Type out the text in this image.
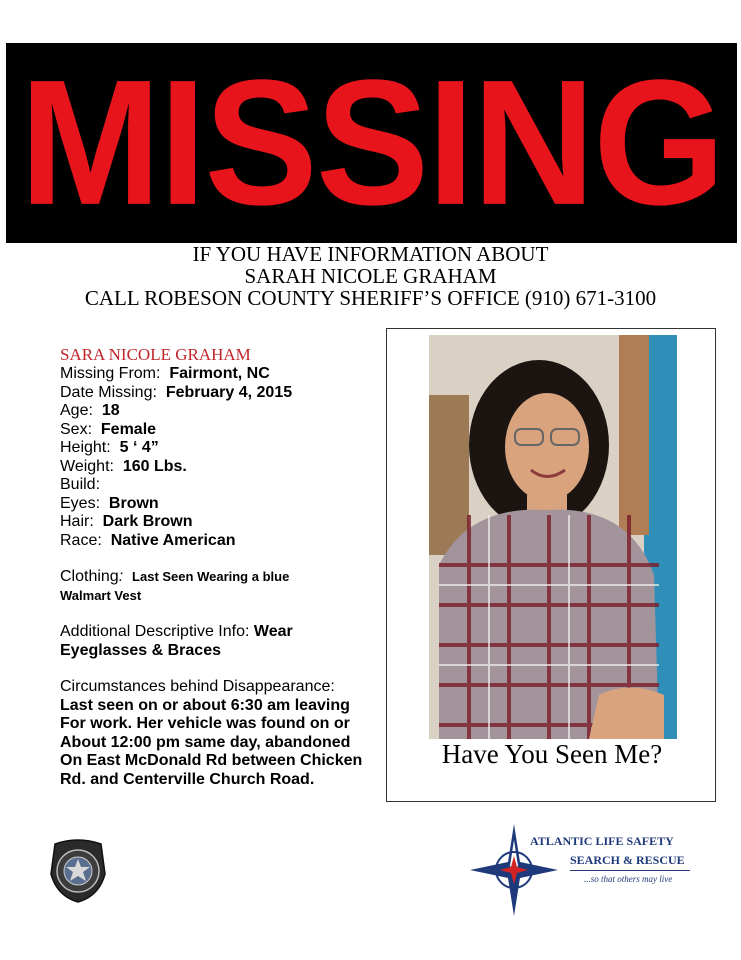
MISSING
IF YOU HAVE INFORMATION ABOUT
SARAH NICOLE GRAHAM
CALL ROBESON COUNTY SHERIFF’S OFFICE (910) 671-3100
SARA NICOLE GRAHAM
Missing From: Fairmont, NC
Date Missing: February 4, 2015
Age: 18
Sex: Female
Height: 5 ‘ 4”
Weight: 160 Lbs.
Build:
Eyes: Brown
Hair: Dark Brown
Race: Native American
Clothing: Last Seen Wearing a blue
Walmart Vest
Additional Descriptive Info: Wear
Eyeglasses & Braces
Circumstances behind Disappearance:
Last seen on or about 6:30 am leaving
For work. Her vehicle was found on or
About 12:00 pm same day, abandoned
On East McDonald Rd between Chicken
Rd. and Centerville Church Road.
Have You Seen Me?
ATLANTIC LIFE SAFETY
SEARCH & RESCUE
...so that others may live
